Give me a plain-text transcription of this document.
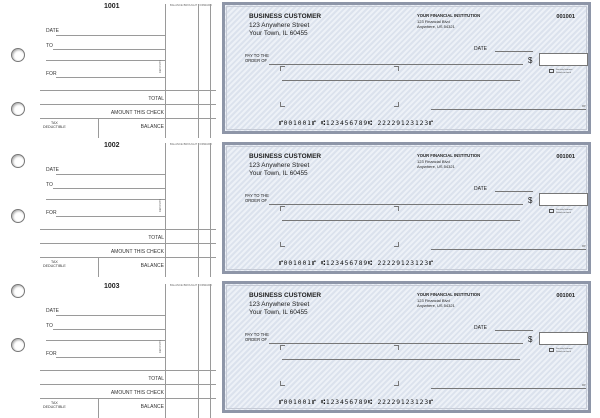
1001	BALANCE BROUGHT FORWARD
DATE
TO
FOR
DEPOSITS
TOTAL
AMOUNT THIS CHECK
TAX
DEDUCTIBLE	BALANCE
1002	BALANCE BROUGHT FORWARD
DATE
TO
FOR
DEPOSITS
TOTAL
AMOUNT THIS CHECK
TAX
DEDUCTIBLE	BALANCE
1003	BALANCE BROUGHT FORWARD
DATE
TO
FOR
DEPOSITS
TOTAL
AMOUNT THIS CHECK
TAX
DEDUCTIBLE	BALANCE
BUSINESS CUSTOMER
123 Anywhere Street
Your Town, IL 60455
YOUR FINANCIAL INSTITUTION
123 Financial Blvd
Anywhere, US 54321
001001
DATE
PAY TO THE
ORDER OF	$
Security features
Details on back
MP
⑈001001⑈ ⑆123456789⑆ 22229123123⑈
BUSINESS CUSTOMER
123 Anywhere Street
Your Town, IL 60455
YOUR FINANCIAL INSTITUTION
123 Financial Blvd
Anywhere, US 54321
001001
DATE
PAY TO THE
ORDER OF	$
Security features
Details on back
MP
⑈001001⑈ ⑆123456789⑆ 22229123123⑈
BUSINESS CUSTOMER
123 Anywhere Street
Your Town, IL 60455
YOUR FINANCIAL INSTITUTION
123 Financial Blvd
Anywhere, US 54321
001001
DATE
PAY TO THE
ORDER OF	$
Security features
Details on back
MP
⑈001001⑈ ⑆123456789⑆ 22229123123⑈
